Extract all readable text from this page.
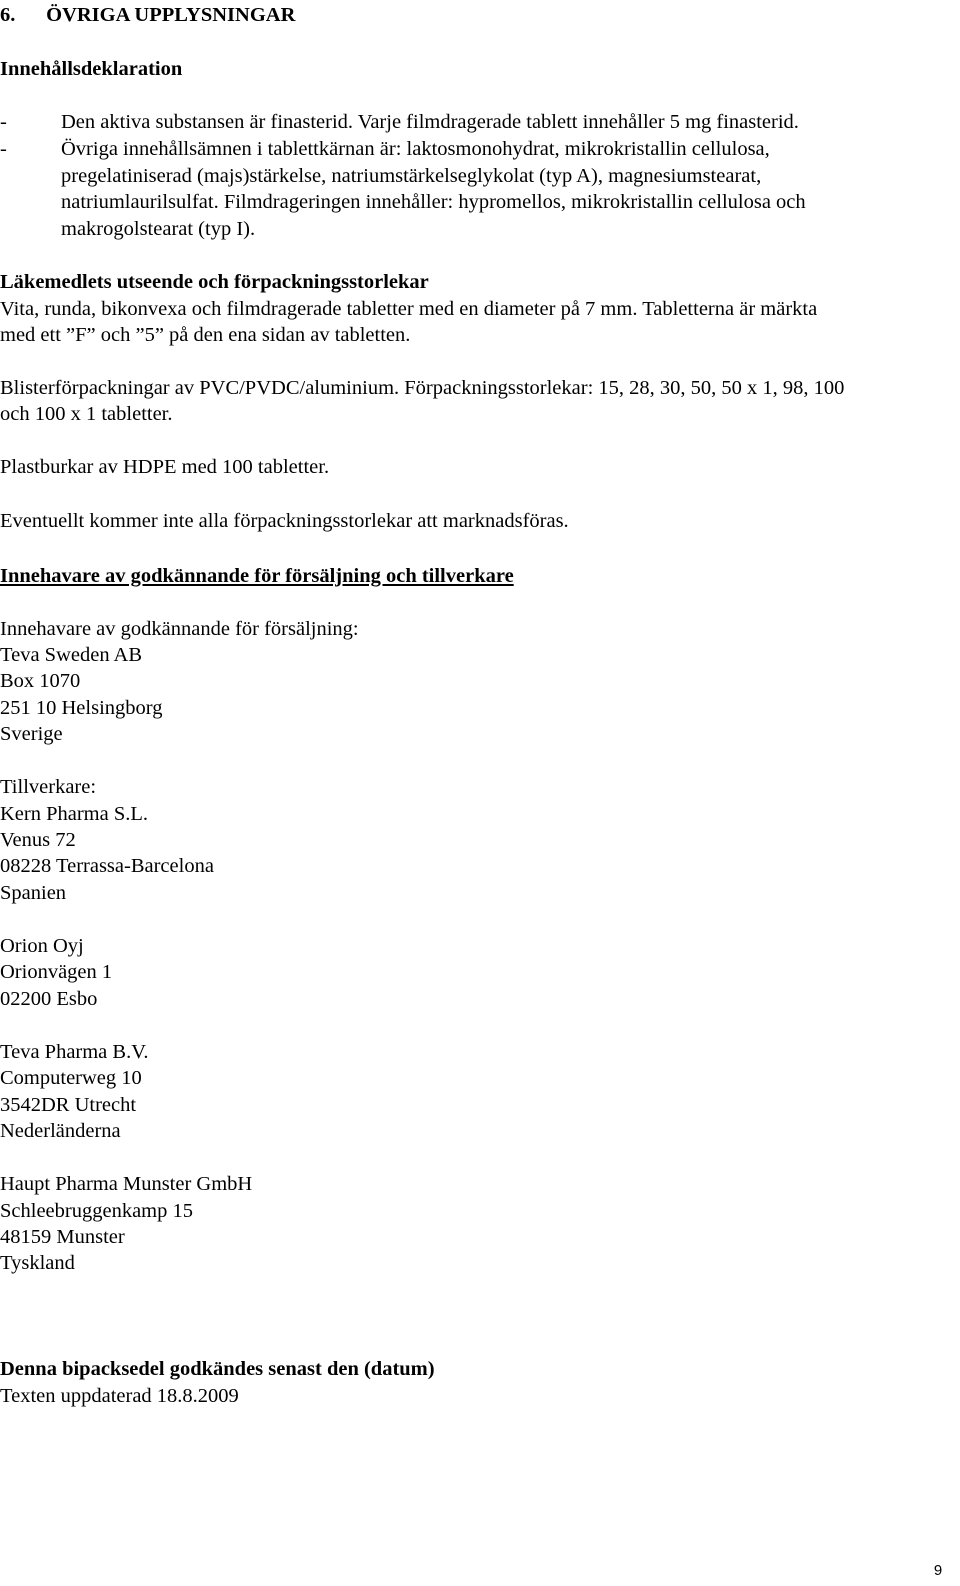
6.      ÖVRIGA UPPLYSNINGAR
Innehållsdeklaration
-	Den aktiva substansen är finasterid. Varje filmdragerade tablett innehåller 5 mg finasterid.
-	Övriga innehållsämnen i tablettkärnan är: laktosmonohydrat, mikrokristallin cellulosa,
pregelatiniserad (majs)stärkelse, natriumstärkelseglykolat (typ A), magnesiumstearat,
natriumlaurilsulfat. Filmdrageringen innehåller: hypromellos, mikrokristallin cellulosa och
makrogolstearat (typ I).
Läkemedlets utseende och förpackningsstorlekar
Vita, runda, bikonvexa och filmdragerade tabletter med en diameter på 7 mm. Tabletterna är märkta
med ett ”F” och ”5” på den ena sidan av tabletten.
Blisterförpackningar av PVC/PVDC/aluminium. Förpackningsstorlekar: 15, 28, 30, 50, 50 x 1, 98, 100
och 100 x 1 tabletter.
Plastburkar av HDPE med 100 tabletter.
Eventuellt kommer inte alla förpackningsstorlekar att marknadsföras.
Innehavare av godkännande för försäljning och tillverkare
Innehavare av godkännande för försäljning:
Teva Sweden AB
Box 1070
251 10 Helsingborg
Sverige
Tillverkare:
Kern Pharma S.L.
Venus 72
08228 Terrassa-Barcelona
Spanien
Orion Oyj
Orionvägen 1
02200 Esbo
Teva Pharma B.V.
Computerweg 10
3542DR Utrecht
Nederländerna
Haupt Pharma Munster GmbH
Schleebruggenkamp 15
48159 Munster
Tyskland
Denna bipacksedel godkändes senast den (datum)
Texten uppdaterad 18.8.2009
9
